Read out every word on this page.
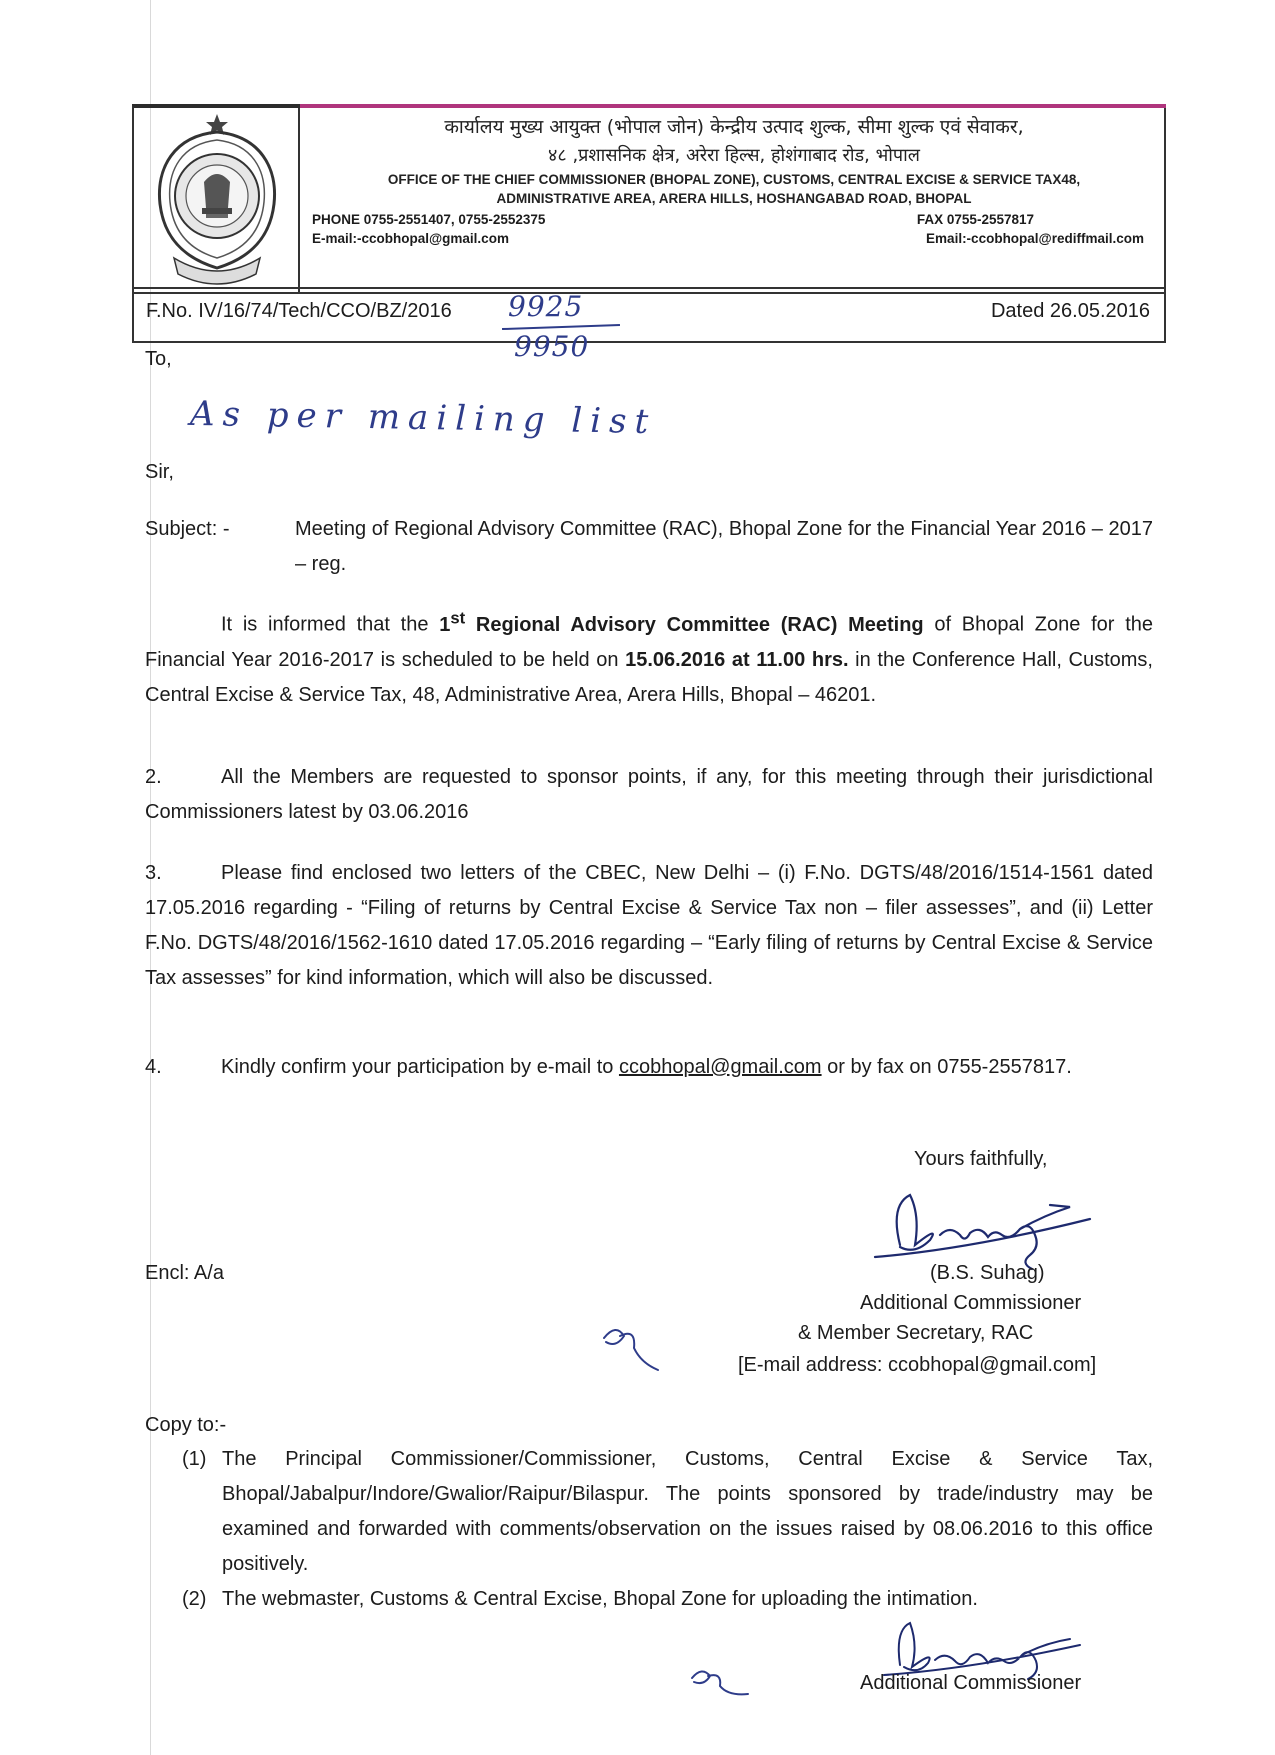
कार्यालय मुख्य आयुक्त (भोपाल जोन) केन्द्रीय उत्पाद शुल्क, सीमा शुल्क एवं सेवाकर,
४८ ,प्रशासनिक क्षेत्र, अरेरा हिल्स, होशंगाबाद रोड, भोपाल
OFFICE OF THE CHIEF COMMISSIONER (BHOPAL ZONE), CUSTOMS, CENTRAL EXCISE & SERVICE TAX48,
ADMINISTRATIVE AREA, ARERA HILLS, HOSHANGABAD ROAD, BHOPAL
PHONE 0755-2551407, 0755-2552375	FAX 0755-2557817
E-mail:-ccobhopal@gmail.com	Email:-ccobhopal@rediffmail.com
F.No. IV/16/74/Tech/CCO/BZ/2016	Dated 26.05.2016
9925
9950
To,
As per mailing list
Sir,
Subject: -	Meeting of Regional Advisory Committee (RAC), Bhopal Zone for the Financial Year 2016 – 2017 – reg.
It is informed that the 1st Regional Advisory Committee (RAC) Meeting of Bhopal Zone for the Financial Year 2016-2017 is scheduled to be held on 15.06.2016 at 11.00 hrs. in the Conference Hall, Customs, Central Excise & Service Tax, 48, Administrative Area, Arera Hills, Bhopal – 46201.
2.	All the Members are requested to sponsor points, if any, for this meeting through their jurisdictional Commissioners latest by 03.06.2016
3.	Please find enclosed two letters of the CBEC, New Delhi – (i) F.No. DGTS/48/2016/1514-1561 dated 17.05.2016 regarding - “Filing of returns by Central Excise & Service Tax non – filer assesses”, and (ii) Letter F.No. DGTS/48/2016/1562-1610 dated 17.05.2016 regarding – “Early filing of returns by Central Excise & Service Tax assesses” for kind information, which will also be discussed.
4.	Kindly confirm your participation by e-mail to ccobhopal@gmail.com or by fax on 0755-2557817.
Yours faithfully,
B.S. Suhag
(B.S. Suhag)
Additional Commissioner
& Member Secretary, RAC
[E-mail address: ccobhopal@gmail.com]
Encl: A/a
Copy to:-
(1) The Principal Commissioner/Commissioner, Customs, Central Excise & Service Tax, Bhopal/Jabalpur/Indore/Gwalior/Raipur/Bilaspur. The points sponsored by trade/industry may be examined and forwarded with comments/observation on the issues raised by 08.06.2016 to this office positively.
(2) The webmaster, Customs & Central Excise, Bhopal Zone for uploading the intimation.
Additional Commissioner
